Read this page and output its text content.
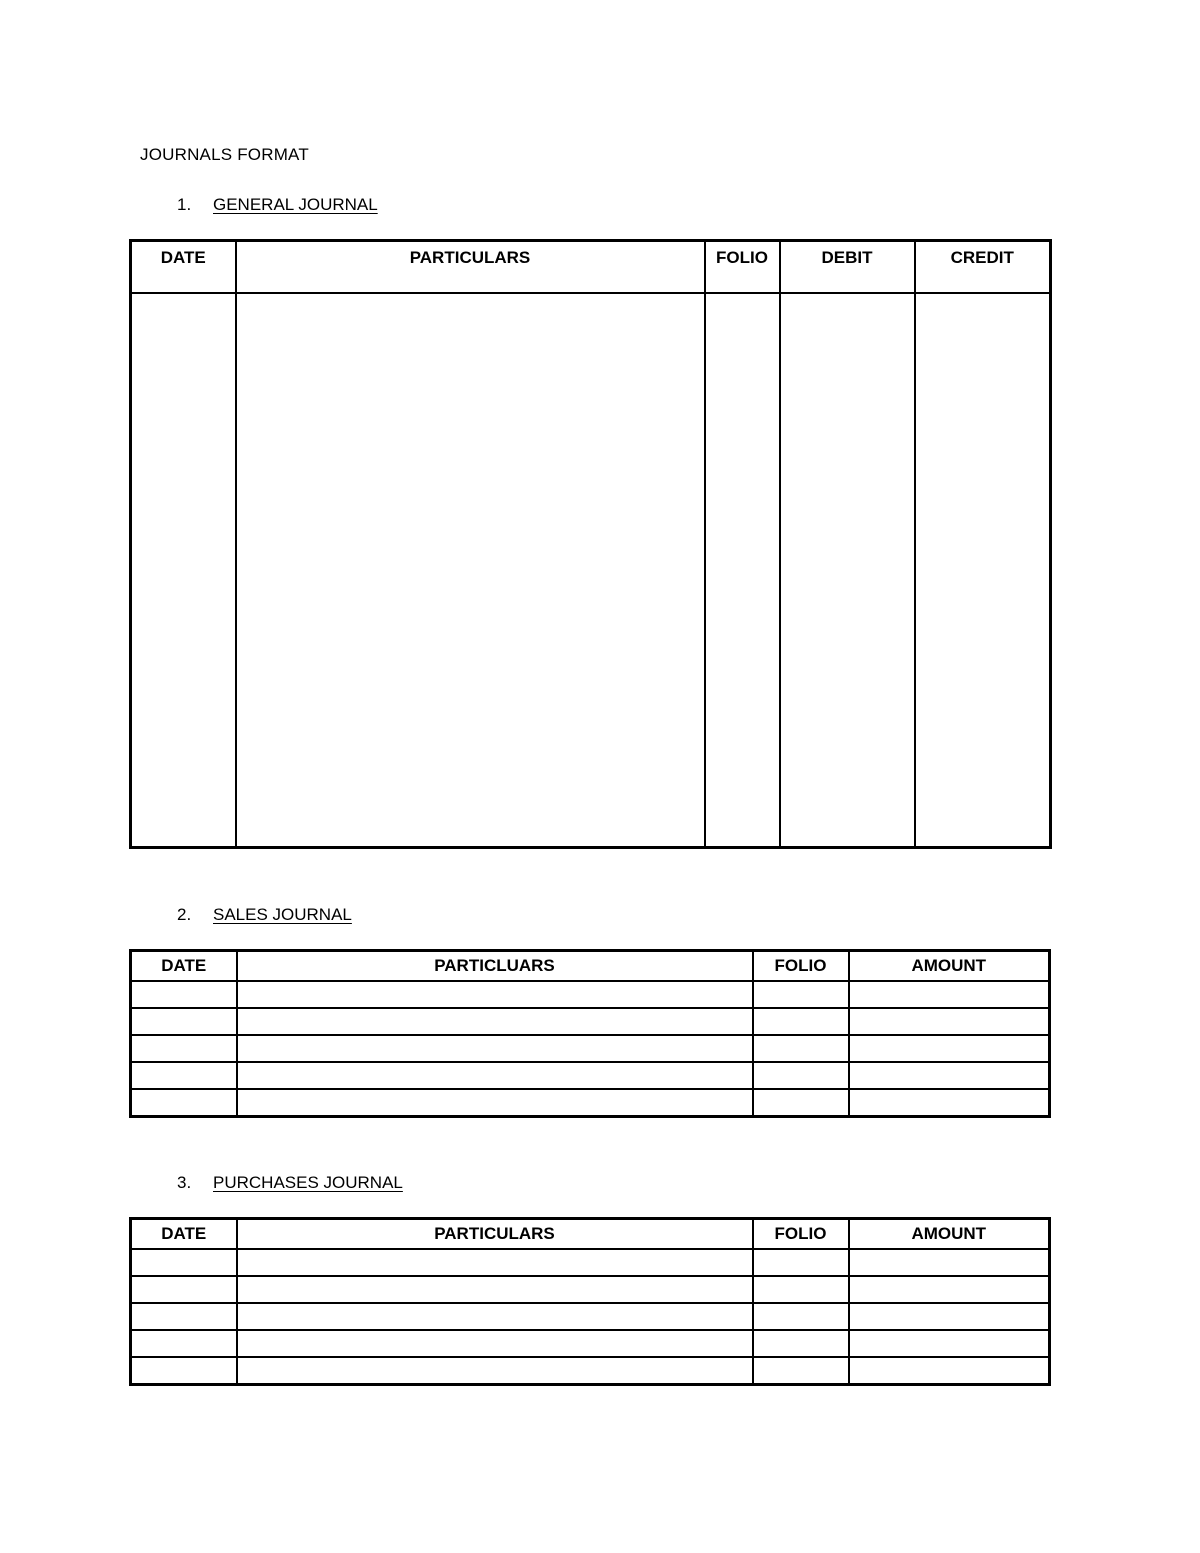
JOURNALS FORMAT
1. GENERAL JOURNAL
DATE	PARTICULARS	FOLIO	DEBIT	CREDIT

2. SALES JOURNAL
DATE	PARTICLUARS	FOLIO	AMOUNT

3. PURCHASES JOURNAL
DATE	PARTICULARS	FOLIO	AMOUNT
